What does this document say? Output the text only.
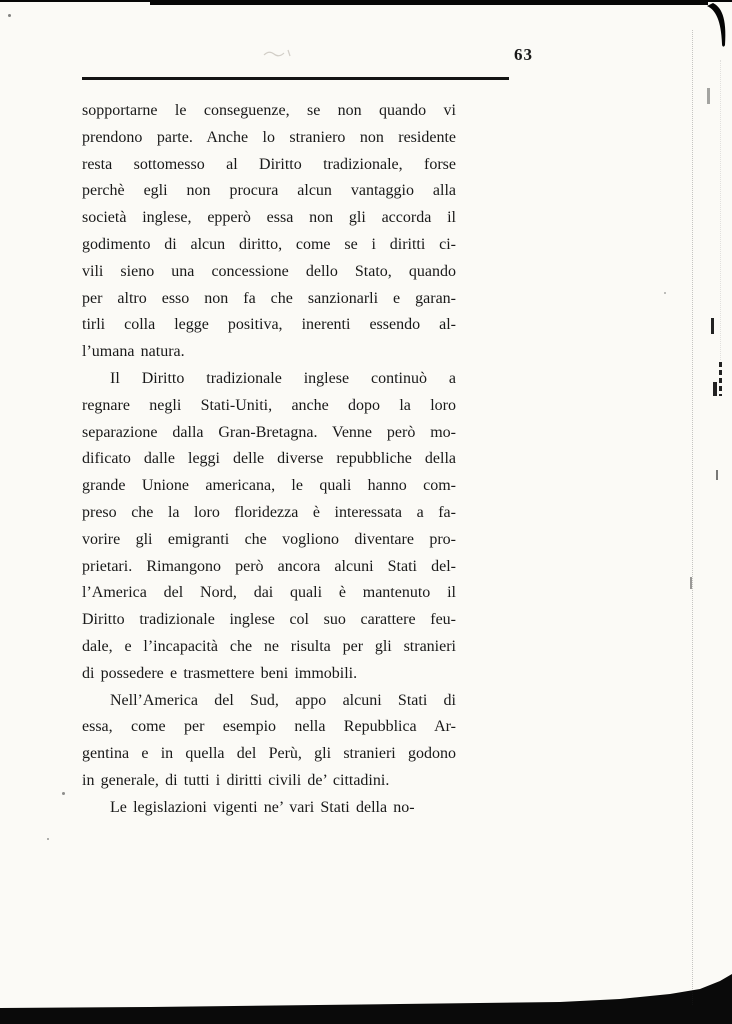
63
sopportarne le conseguenze, se non quando vi
prendono parte. Anche lo straniero non residente
resta sottomesso al Diritto tradizionale, forse
perchè egli non procura alcun vantaggio alla
società inglese, epperò essa non gli accorda il
godimento di alcun diritto, come se i diritti ci-
vili sieno una concessione dello Stato, quando
per altro esso non fa che sanzionarli e garan-
tirli colla legge positiva, inerenti essendo al-
l’umana natura.
Il Diritto tradizionale inglese continuò a
regnare negli Stati-Uniti, anche dopo la loro
separazione dalla Gran-Bretagna. Venne però mo-
dificato dalle leggi delle diverse repubbliche della
grande Unione americana, le quali hanno com-
preso che la loro floridezza è interessata a fa-
vorire gli emigranti che vogliono diventare pro-
prietari. Rimangono però ancora alcuni Stati del-
l’America del Nord, dai quali è mantenuto il
Diritto tradizionale inglese col suo carattere feu-
dale, e l’incapacità che ne risulta per gli stranieri
di possedere e trasmettere beni immobili.
Nell’America del Sud, appo alcuni Stati di
essa, come per esempio nella Repubblica Ar-
gentina e in quella del Perù, gli stranieri godono
in generale, di tutti i diritti civili de’ cittadini.
Le legislazioni vigenti ne’ vari Stati della no-
